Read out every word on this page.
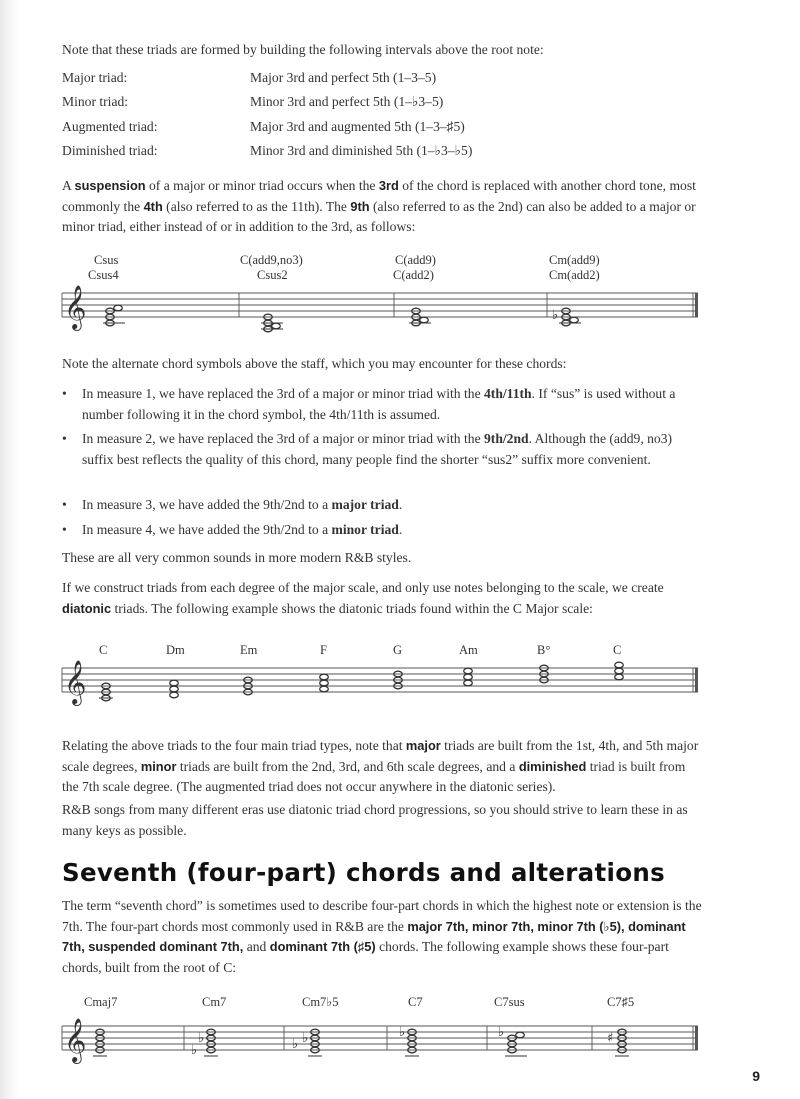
Note that these triads are formed by building the following intervals above the root note:

Major triad:	Major 3rd and perfect 5th (1–3–5)
Minor triad:	Minor 3rd and perfect 5th (1–♭3–5)
Augmented triad:	Major 3rd and augmented 5th (1–3–♯5)
Diminished triad:	Minor 3rd and diminished 5th (1–♭3–♭5)

A suspension of a major or minor triad occurs when the 3rd of the chord is replaced with another chord tone, most commonly the 4th (also referred to as the 11th). The 9th (also referred to as the 2nd) can also be added to a major or minor triad, either instead of or in addition to the 3rd, as follows:

Csus
Csus4
C(add9,no3)
Csus2
C(add9)
C(add2)
Cm(add9)
Cm(add2)
𝄞	♭

Note the alternate chord symbols above the staff, which you may encounter for these chords:

• In measure 1, we have replaced the 3rd of a major or minor triad with the 4th/11th. If “sus” is used without a number following it in the chord symbol, the 4th/11th is assumed.
• In measure 2, we have replaced the 3rd of a major or minor triad with the 9th/2nd. Although the (add9, no3) suffix best reflects the quality of this chord, many people find the shorter “sus2” suffix more convenient.
• In measure 3, we have added the 9th/2nd to a major triad.
• In measure 4, we have added the 9th/2nd to a minor triad.

These are all very common sounds in more modern R&B styles.

If we construct triads from each degree of the major scale, and only use notes belonging to the scale, we create diatonic triads. The following example shows the diatonic triads found within the C Major scale:

C	Dm	Em	F	G	Am	B°	C
𝄞

Relating the above triads to the four main triad types, note that major triads are built from the 1st, 4th, and 5th major scale degrees, minor triads are built from the 2nd, 3rd, and 6th scale degrees, and a diminished triad is built from the 7th scale degree. (The augmented triad does not occur anywhere in the diatonic series).

R&B songs from many different eras use diatonic triad chord progressions, so you should strive to learn these in as many keys as possible.

Seventh (four-part) chords and alterations

The term “seventh chord” is sometimes used to describe four-part chords in which the highest note or extension is the 7th. The four-part chords most commonly used in R&B are the major 7th, minor 7th, minor 7th (♭5), dominant 7th, suspended dominant 7th, and dominant 7th (♯5) chords. The following example shows these four-part chords, built from the root of C:

Cmaj7	Cm7	Cm7♭5	C7	C7sus	C7♯5
𝄞	♭
♭	♭ ♭	♭	♭	♯
9
